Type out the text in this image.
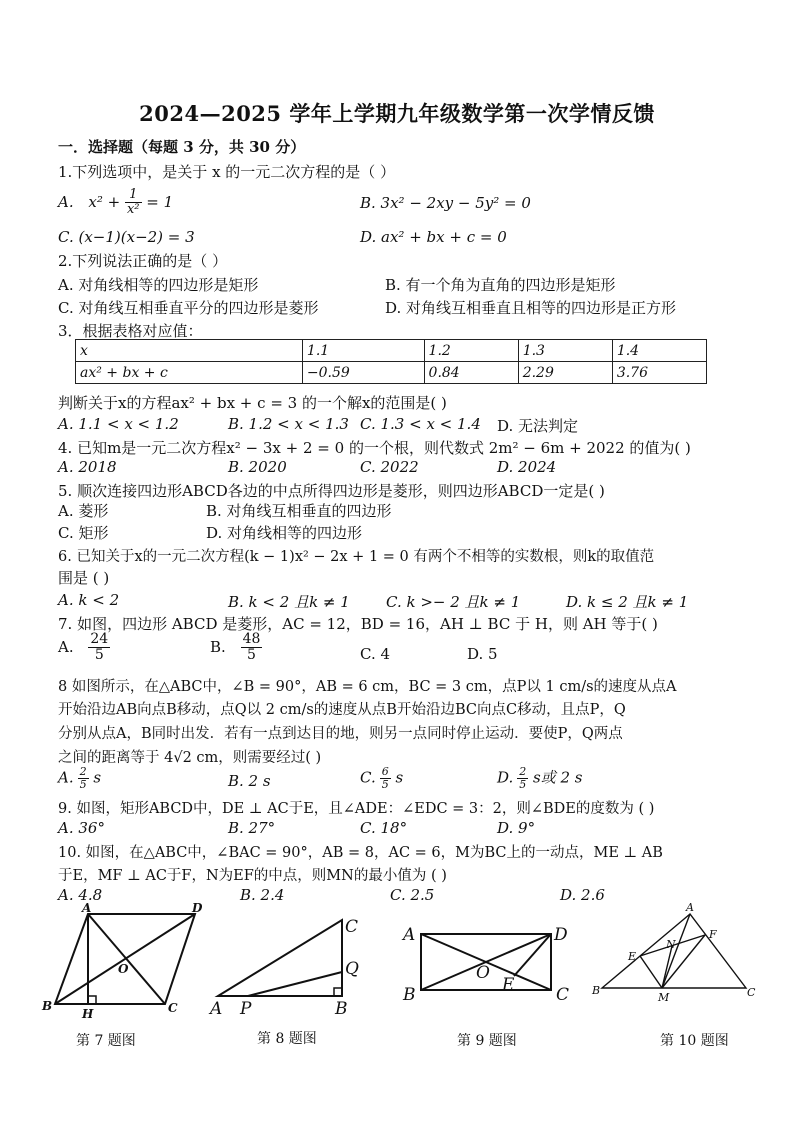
2024—2025 学年上学期九年级数学第一次学情反馈
一．选择题（每题 3 分，共 30 分）
1.下列选项中，是关于 x 的一元二次方程的是（ ）
A. $x^2 + \frac{1}{\text{x²}} = 1$	B. 3x² − 2xy − 5y² = 0
C. (x−1)(x−2) = 3	D. ax² + bx + c = 0
2.下列说法正确的是（ ）
A. 对角线相等的四边形是矩形	B. 有一个角为直角的四边形是矩形
C. 对角线互相垂直平分的四边形是菱形	D. 对角线互相垂直且相等的四边形是正方形
3．根据表格对应值：
x	1.1	1.2	1.3	1.4
ax² + bx + c	−0.59	0.84	2.29	3.76
判断关于x的方程ax² + bx + c = 3 的一个解x的范围是( )
A. 1.1 < x < 1.2	B. 1.2 < x < 1.3 C. 1.3 < x < 1.4 D. 无法判定
4. 已知m是一元二次方程x² − 3x + 2 = 0 的一个根，则代数式 2m² − 6m + 2022 的值为( )
A. 2018	B. 2020	C. 2022	D. 2024
5. 顺次连接四边形ABCD各边的中点所得四边形是菱形，则四边形ABCD一定是( )
A. 菱形	B. 对角线互相垂直的四边形
C. 矩形	D. 对角线相等的四边形
6. 已知关于x的一元二次方程(k − 1)x² − 2x + 1 = 0 有两个不相等的实数根，则k的取值范
围是 ( )
A. k < 2	B. k < 2 且k ≠ 1 C. k >− 2 且k ≠ 1	D. k ≤ 2 且k ≠ 1
7. 如图，四边形 ABCD 是菱形，AC = 12，BD = 16，AH ⊥ BC 于 H，则 AH 等于( )
A. $\frac{24}{5}$	B. $\frac{48}{5}$	C. 4	D. 5
8 如图所示，在△ABC中，∠B = 90°，AB = 6 cm，BC = 3 cm，点P以 1 cm/s的速度从点A
开始沿边AB向点B移动，点Q以 2 cm/s的速度从点B开始沿边BC向点C移动，且点P，Q
分别从点A，B同时出发．若有一点到达目的地，则另一点同时停止运动．要使P，Q两点
之间的距离等于 4√2 cm，则需要经过( )
A. $\frac{2}{5}$ s	B. 2 s	C. $\frac{6}{5}$ s	D. $\frac{2}{5}$ s或 2 s
9. 如图，矩形ABCD中，DE ⊥ AC于E，且∠ADE：∠EDC = 3：2，则∠BDE的度数为 ( )
A. 36°	B. 27°	C. 18°	D. 9°
10. 如图，在△ABC中，∠BAC = 90°，AB = 8，AC = 6，M为BC上的一动点，ME ⊥ AB
于E，MF ⊥ AC于F，N为EF的中点，则MN的最小值为 ( )
A. 4.8	B. 2.4	C. 2.5	D. 2.6
A	D
B
H	C
O
C
Q
A P	B
A	D
O
E
B	C
A
F
N
E
B
M	C
第 7 题图	第 8 题图	第 9 题图	第 10 题图
